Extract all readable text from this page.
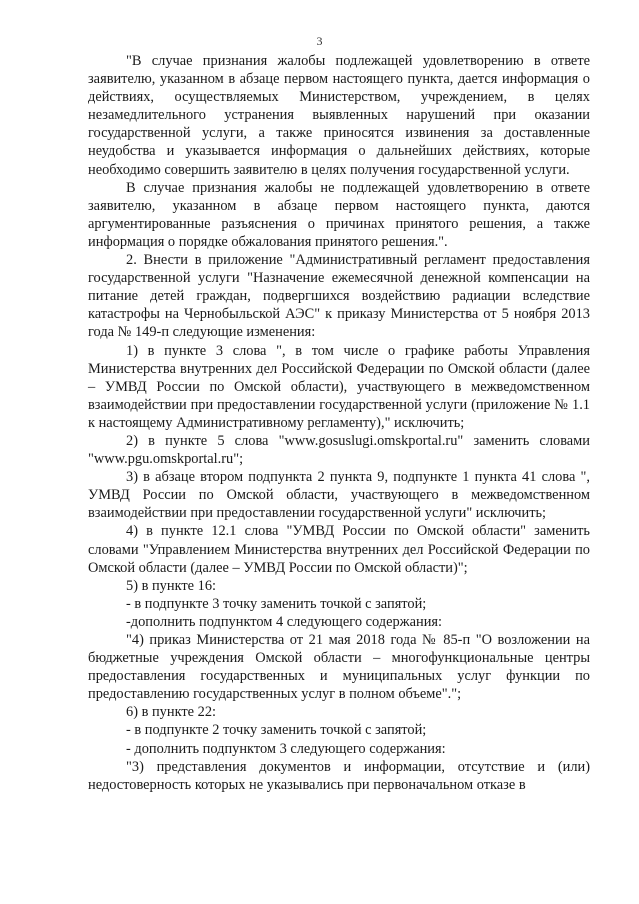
3

"В случае признания жалобы подлежащей удовлетворению в ответе заявителю, указанном в абзаце первом настоящего пункта, дается информация о действиях, осуществляемых Министерством, учреждением, в целях незамедлительного устранения выявленных нарушений при оказании государственной услуги, а также приносятся извинения за доставленные неудобства и указывается информация о дальнейших действиях, которые необходимо совершить заявителю в целях получения государственной услуги.

В случае признания жалобы не подлежащей удовлетворению в ответе заявителю, указанном в абзаце первом настоящего пункта, даются аргументированные разъяснения о причинах принятого решения, а также информация о порядке обжалования принятого решения.".

2. Внести в приложение "Административный регламент предоставления государственной услуги "Назначение ежемесячной денежной компенсации на питание детей граждан, подвергшихся воздействию радиации вследствие катастрофы на Чернобыльской АЭС" к приказу Министерства от 5 ноября 2013 года № 149-п следующие изменения:

1) в пункте 3 слова ", в том числе о графике работы Управления Министерства внутренних дел Российской Федерации по Омской области (далее – УМВД России по Омской области), участвующего в межведомственном взаимодействии при предоставлении государственной услуги (приложение № 1.1 к настоящему Административному регламенту)," исключить;

2) в пункте 5 слова "www.gosuslugi.omskportal.ru" заменить словами "www.pgu.omskportal.ru";

3) в абзаце втором подпункта 2 пункта 9, подпункте 1 пункта 41 слова ", УМВД России по Омской области, участвующего в межведомственном взаимодействии при предоставлении государственной услуги" исключить;

4) в пункте 12.1 слова "УМВД России по Омской области" заменить словами "Управлением Министерства внутренних дел Российской Федерации по Омской области (далее – УМВД России по Омской области)";

5) в пункте 16:

- в подпункте 3 точку заменить точкой с запятой;

-дополнить подпунктом 4 следующего содержания:

"4) приказ Министерства от 21 мая 2018 года № 85-п "О возложении на бюджетные учреждения Омской области – многофункциональные центры предоставления государственных и муниципальных услуг функции по предоставлению государственных услуг в полном объеме".";

6) в пункте 22:

- в подпункте 2 точку заменить точкой с запятой;

- дополнить подпунктом 3 следующего содержания:

"3) представления документов и информации, отсутствие и (или) недостоверность которых не указывались при первоначальном отказе в
